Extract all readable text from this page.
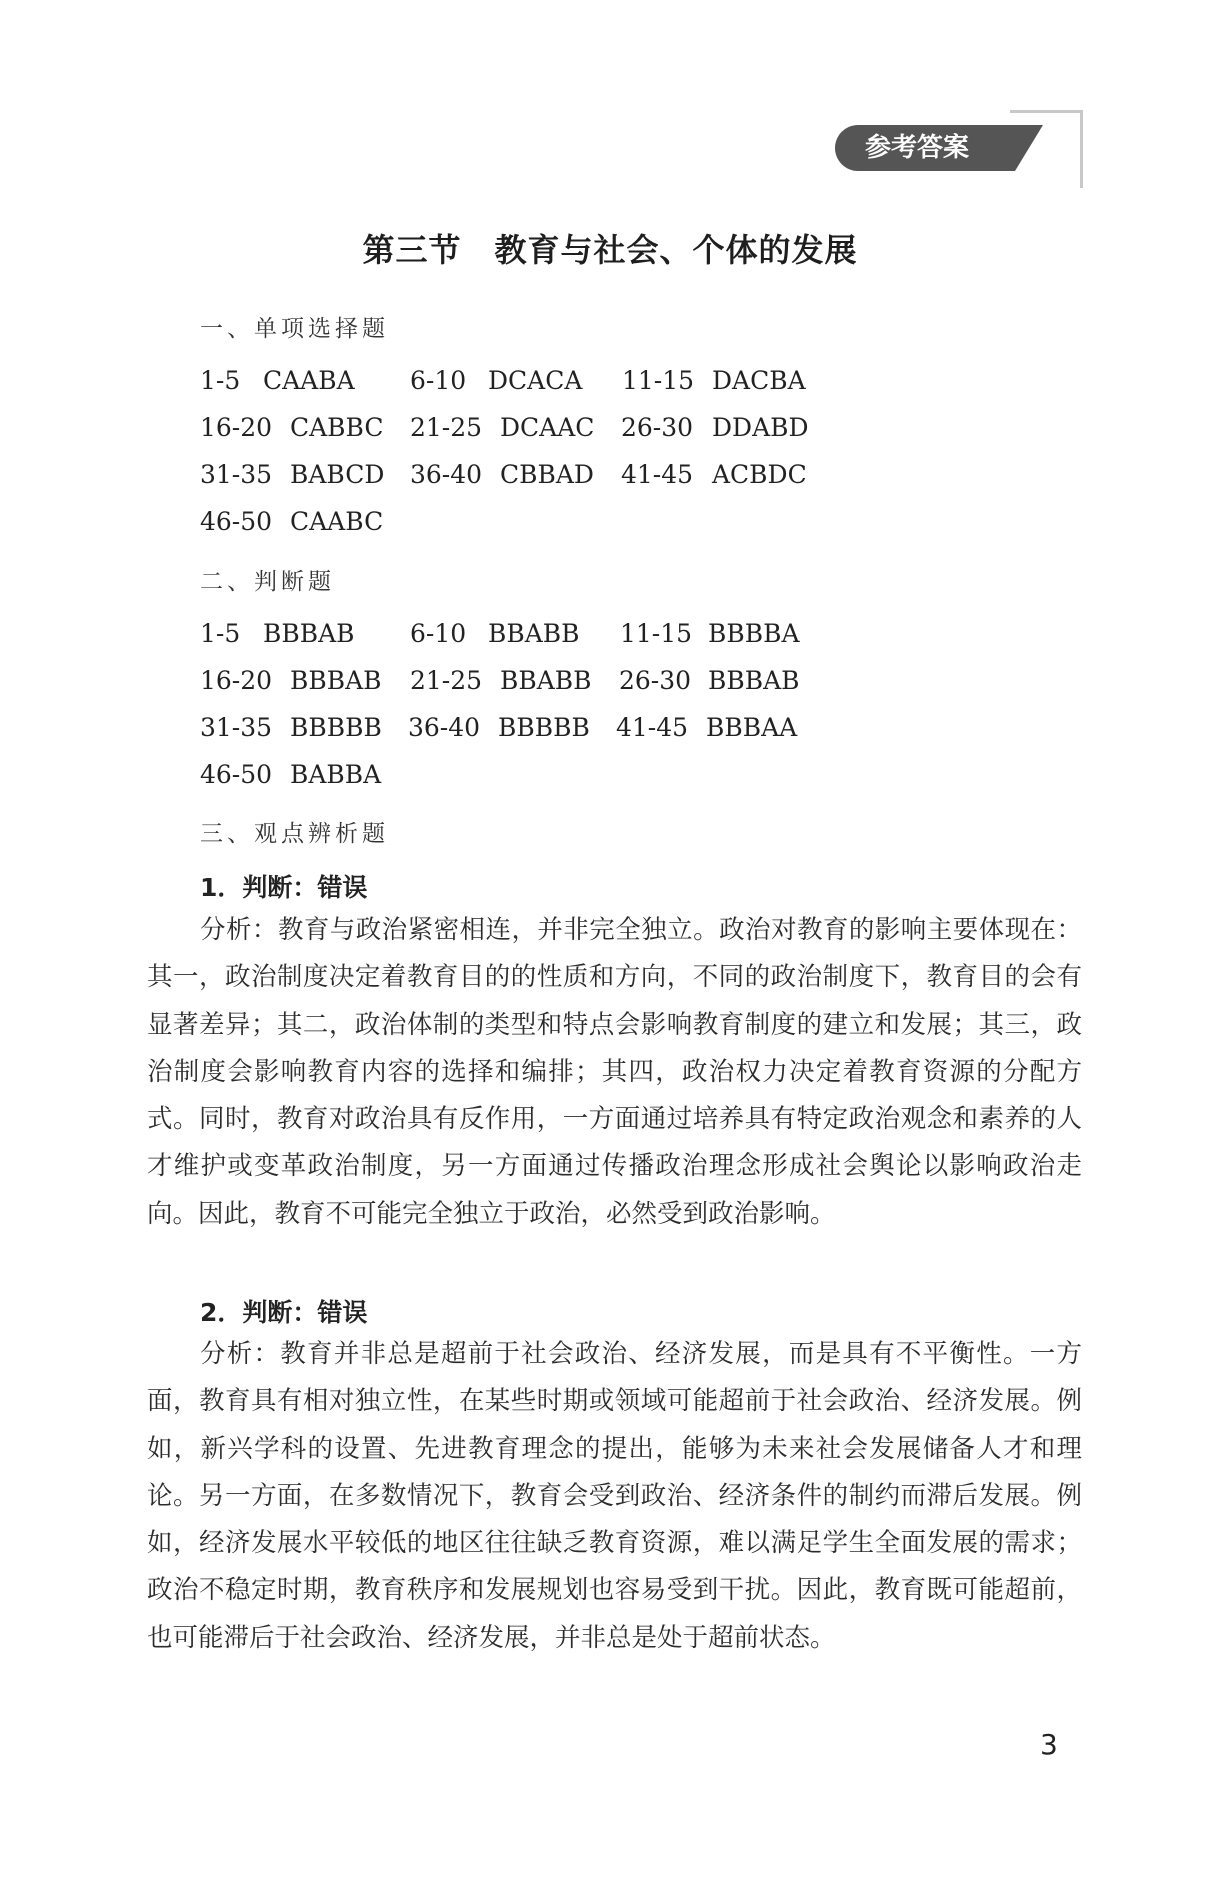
参考答案
第三节　教育与社会、个体的发展
一、单项选择题
1-5 CAABA 6-10 DCACA 11-15 DACBA
16-20 CABBC 21-25 DCAAC 26-30 DDABD
31-35 BABCD 36-40 CBBAD 41-45 ACBDC
46-50 CAABC
二、判断题
1-5 BBBAB 6-10 BBABB 11-15 BBBBA
16-20 BBBAB 21-25 BBABB 26-30 BBBAB
31-35 BBBBB 36-40 BBBBB 41-45 BBBAA
46-50 BABBA
三、观点辨析题
1．判断：错误
分析：教育与政治紧密相连，并非完全独立。政治对教育的影响主要体现在：其一，政治制度决定着教育目的的性质和方向，不同的政治制度下，教育目的会有显著差异；其二，政治体制的类型和特点会影响教育制度的建立和发展；其三，政治制度会影响教育内容的选择和编排；其四，政治权力决定着教育资源的分配方式。同时，教育对政治具有反作用，一方面通过培养具有特定政治观念和素养的人才维护或变革政治制度，另一方面通过传播政治理念形成社会舆论以影响政治走向。因此，教育不可能完全独立于政治，必然受到政治影响。
2．判断：错误
分析：教育并非总是超前于社会政治、经济发展，而是具有不平衡性。一方面，教育具有相对独立性，在某些时期或领域可能超前于社会政治、经济发展。例如，新兴学科的设置、先进教育理念的提出，能够为未来社会发展储备人才和理论。另一方面，在多数情况下，教育会受到政治、经济条件的制约而滞后发展。例如，经济发展水平较低的地区往往缺乏教育资源，难以满足学生全面发展的需求；政治不稳定时期，教育秩序和发展规划也容易受到干扰。因此，教育既可能超前，也可能滞后于社会政治、经济发展，并非总是处于超前状态。
3
